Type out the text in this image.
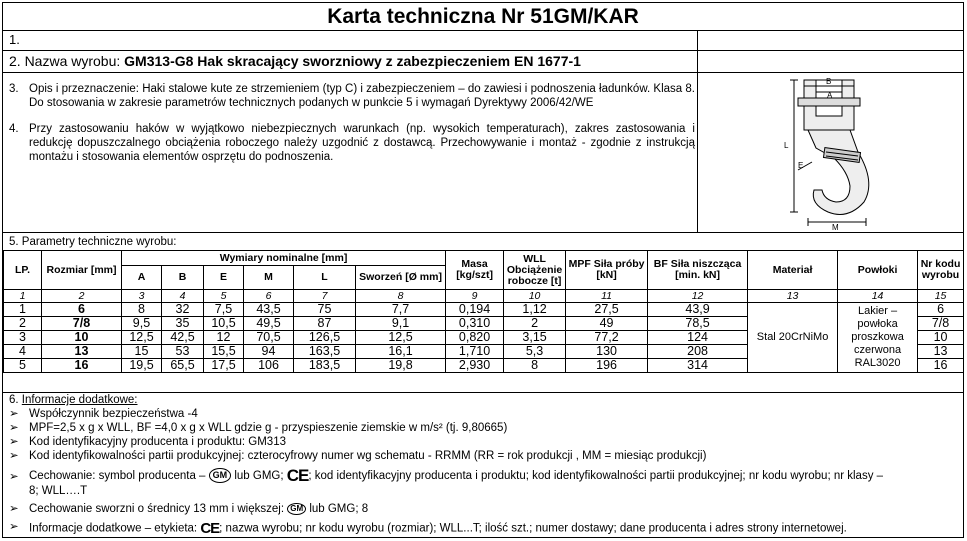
Karta techniczna Nr 51GM/KAR
1.
2. Nazwa wyrobu: GM313-G8 Hak skracający sworzniowy z zabezpieczeniem EN 1677-1
3. Opis i przeznaczenie: Haki stalowe kute ze strzemieniem (typ C) i zabezpieczeniem – do zawiesi i podnoszenia ładunków. Klasa 8. Do stosowania w zakresie parametrów technicznych podanych w punkcie 5 i wymagań Dyrektywy 2006/42/WE
4. Przy zastosowaniu haków w wyjątkowo niebezpiecznych warunkach (np. wysokich temperaturach), zakres zastosowania i redukcję dopuszczalnego obciążenia roboczego należy uzgodnić z dostawcą. Przechowywanie i montaż - zgodnie z instrukcją montażu i stosowania elementów osprzętu do podnoszenia.
B
A
L
E
M
5. Parametry techniczne wyrobu:
LP.	Rozmiar [mm]	Wymiary nominalne [mm]						Masa [kg/szt]	WLL Obciążenie robocze [t]	MPF Siła próby [kN]	BF Siła niszcząca [min. kN]	Materiał	Powłoki	Nr kodu wyrobu
		A	B	E	M	L	Sworzeń [Ø mm]							
1	2	3	4	5	6	7	8	9	10	11	12	13	14	15
1	6	8	32	7,5	43,5	75	7,7	0,194	1,12	27,5	43,9	Stal 20CrNiMo	Lakier – powłoka proszkowa czerwona RAL3020	6
2	7/8	9,5	35	10,5	49,5	87	9,1	0,310	2	49	78,5			7/8
3	10	12,5	42,5	12	70,5	126,5	12,5	0,820	3,15	77,2	124			10
4	13	15	53	15,5	94	163,5	16,1	1,710	5,3	130	208			13
5	16	19,5	65,5	17,5	106	183,5	19,8	2,930	8	196	314			16
6. Informacje dodatkowe:
➢ Współczynnik bezpieczeństwa -4
➢ MPF=2,5 x g x WLL, BF =4,0 x g x WLL gdzie g - przyspieszenie ziemskie w m/s² (tj. 9,80665)
➢ Kod identyfikacyjny producenta i produktu: GM313
➢ Kod identyfikowalności partii produkcyjnej: czterocyfrowy numer wg schematu - RRMM (RR = rok produkcji , MM = miesiąc produkcji)
➢ Cechowanie: symbol producenta – GM lub GMG; CE; kod identyfikacyjny producenta i produktu; kod identyfikowalności partii produkcyjnej; nr kodu wyrobu; nr klasy –
8; WLL….T
➢ Cechowanie sworzni o średnicy 13 mm i większej: GM lub GMG; 8
➢ Informacje dodatkowe – etykieta: CE; nazwa wyrobu; nr kodu wyrobu (rozmiar); WLL...T; ilość szt.; numer dostawy; dane producenta i adres strony internetowej.
